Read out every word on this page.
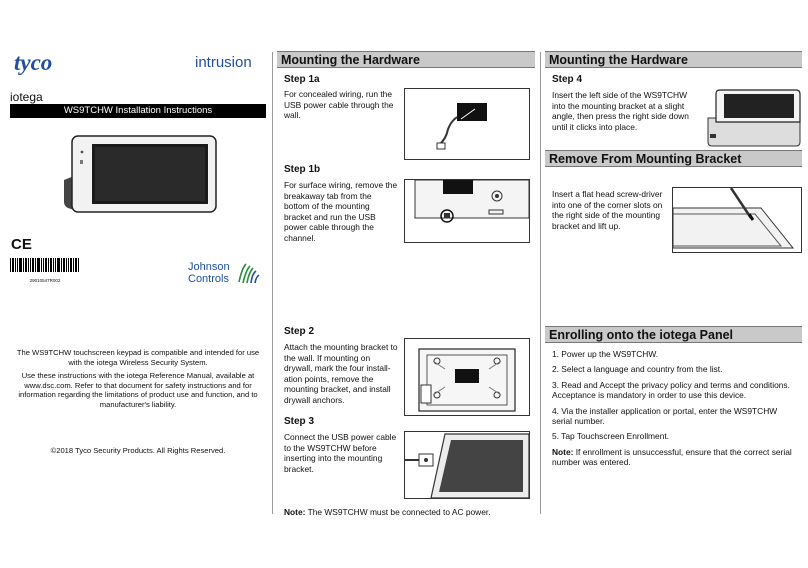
tyco	intrusion
iotega
WS9TCHW Installation Instructions
CE
29010547R002
Johnson
Controls
The WS9TCHW touchscreen keypad is compatible and intended for use with the iotega Wireless Security System.
Use these instructions with the iotega Reference Manual, available at www.dsc.com. Refer to that document for safety instructions and for information regarding the limitations of product use and function, and to manufacturer's liability.
©2018 Tyco Security Products. All Rights Reserved.
Mounting the Hardware
Step 1a
For concealed wiring, run the USB power cable through the wall.
Step 1b
For surface wiring, remove the breakaway tab from the bottom of the mounting bracket and run the USB power cable through the channel.
Step 2
Attach the mounting bracket to the wall. If mounting on drywall, mark the four install-ation points, remove the mounting bracket, and install drywall anchors.
Step 3
Connect the USB power cable to the WS9TCHW before inserting into the mounting bracket.
Note: The WS9TCHW must be connected to AC power.
Mounting the Hardware
Step 4
Insert the left side of the WS9TCHW into the mounting bracket at a slight angle, then press the right side down until it clicks into place.
Remove From Mounting Bracket
Insert a flat head screw-driver into one of the corner slots on the right side of the mounting bracket and lift up.
Enrolling onto the iotega Panel
1. Power up the WS9TCHW.
2. Select a language and country from the list.
3. Read and Accept the privacy policy and terms and conditions. Acceptance is mandatory in order to use this device.
4. Via the installer application or portal, enter the WS9TCHW serial number.
5. Tap Touchscreen Enrollment.
Note: If enrollment is unsuccessful, ensure that the correct serial number was entered.
